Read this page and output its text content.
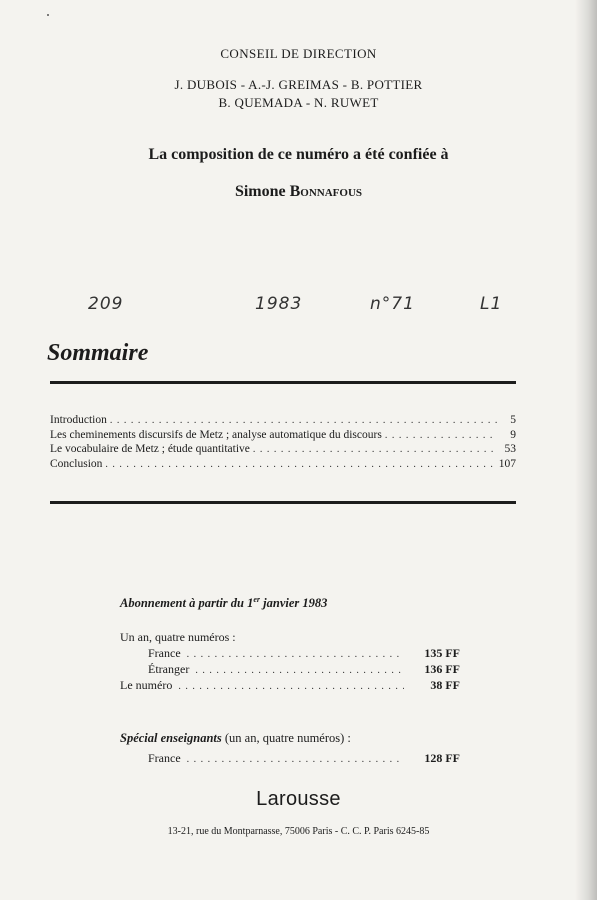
CONSEIL DE DIRECTION
J. DUBOIS - A.-J. GREIMAS - B. POTTIER
B. QUEMADA - N. RUWET
La composition de ce numéro a été confiée à
Simone Bonnafous
209	1983	n°71	L1
Sommaire
Introduction . . .	5
Les cheminements discursifs de Metz ; analyse automatique du discours . . .	9
Le vocabulaire de Metz ; étude quantitative . . .	53
Conclusion . . .	107
Abonnement à partir du 1er janvier 1983
Un an, quatre numéros :
France . . .	135 FF
Étranger . . .	136 FF
Le numéro . . .	38 FF
Spécial enseignants (un an, quatre numéros) :
France . . .	128 FF
Larousse
13-21, rue du Montparnasse, 75006 Paris - C. C. P. Paris 6245-85
